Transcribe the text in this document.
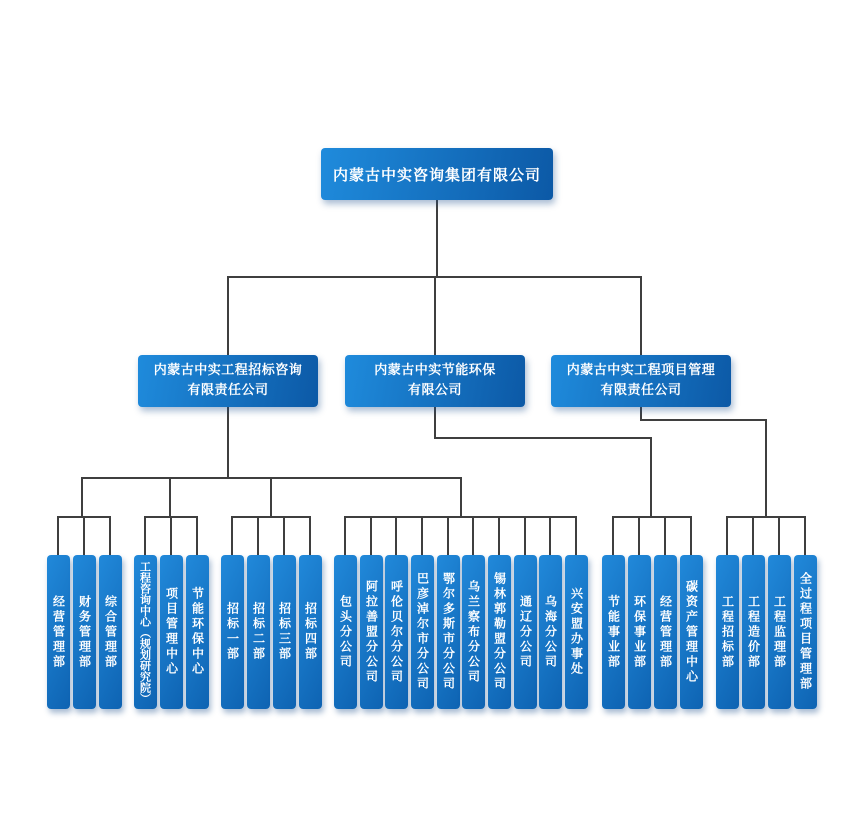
内蒙古中实咨询集团有限公司
内蒙古中实工程招标咨询
有限责任公司
内蒙古中实节能环保
有限公司
内蒙古中实工程项目管理
有限责任公司
经营管理部	财务管理部	综合管理部	工程咨询中心（规划研究院）	项目管理中心	节能环保中心	招标一部	招标二部	招标三部	招标四部	包头分公司	阿拉善盟分公司 呼伦贝尔分公司	巴彦淖尔市分公司	鄂尔多斯市分公司 乌兰察布分公司	锡林郭勒盟分公司	通辽分公司 乌海分公司	兴安盟办事处	节能事业部	环保事业部	经营管理部	碳资产管理中心	工程招标部	工程造价部	工程监理部	全过程项目管理部
